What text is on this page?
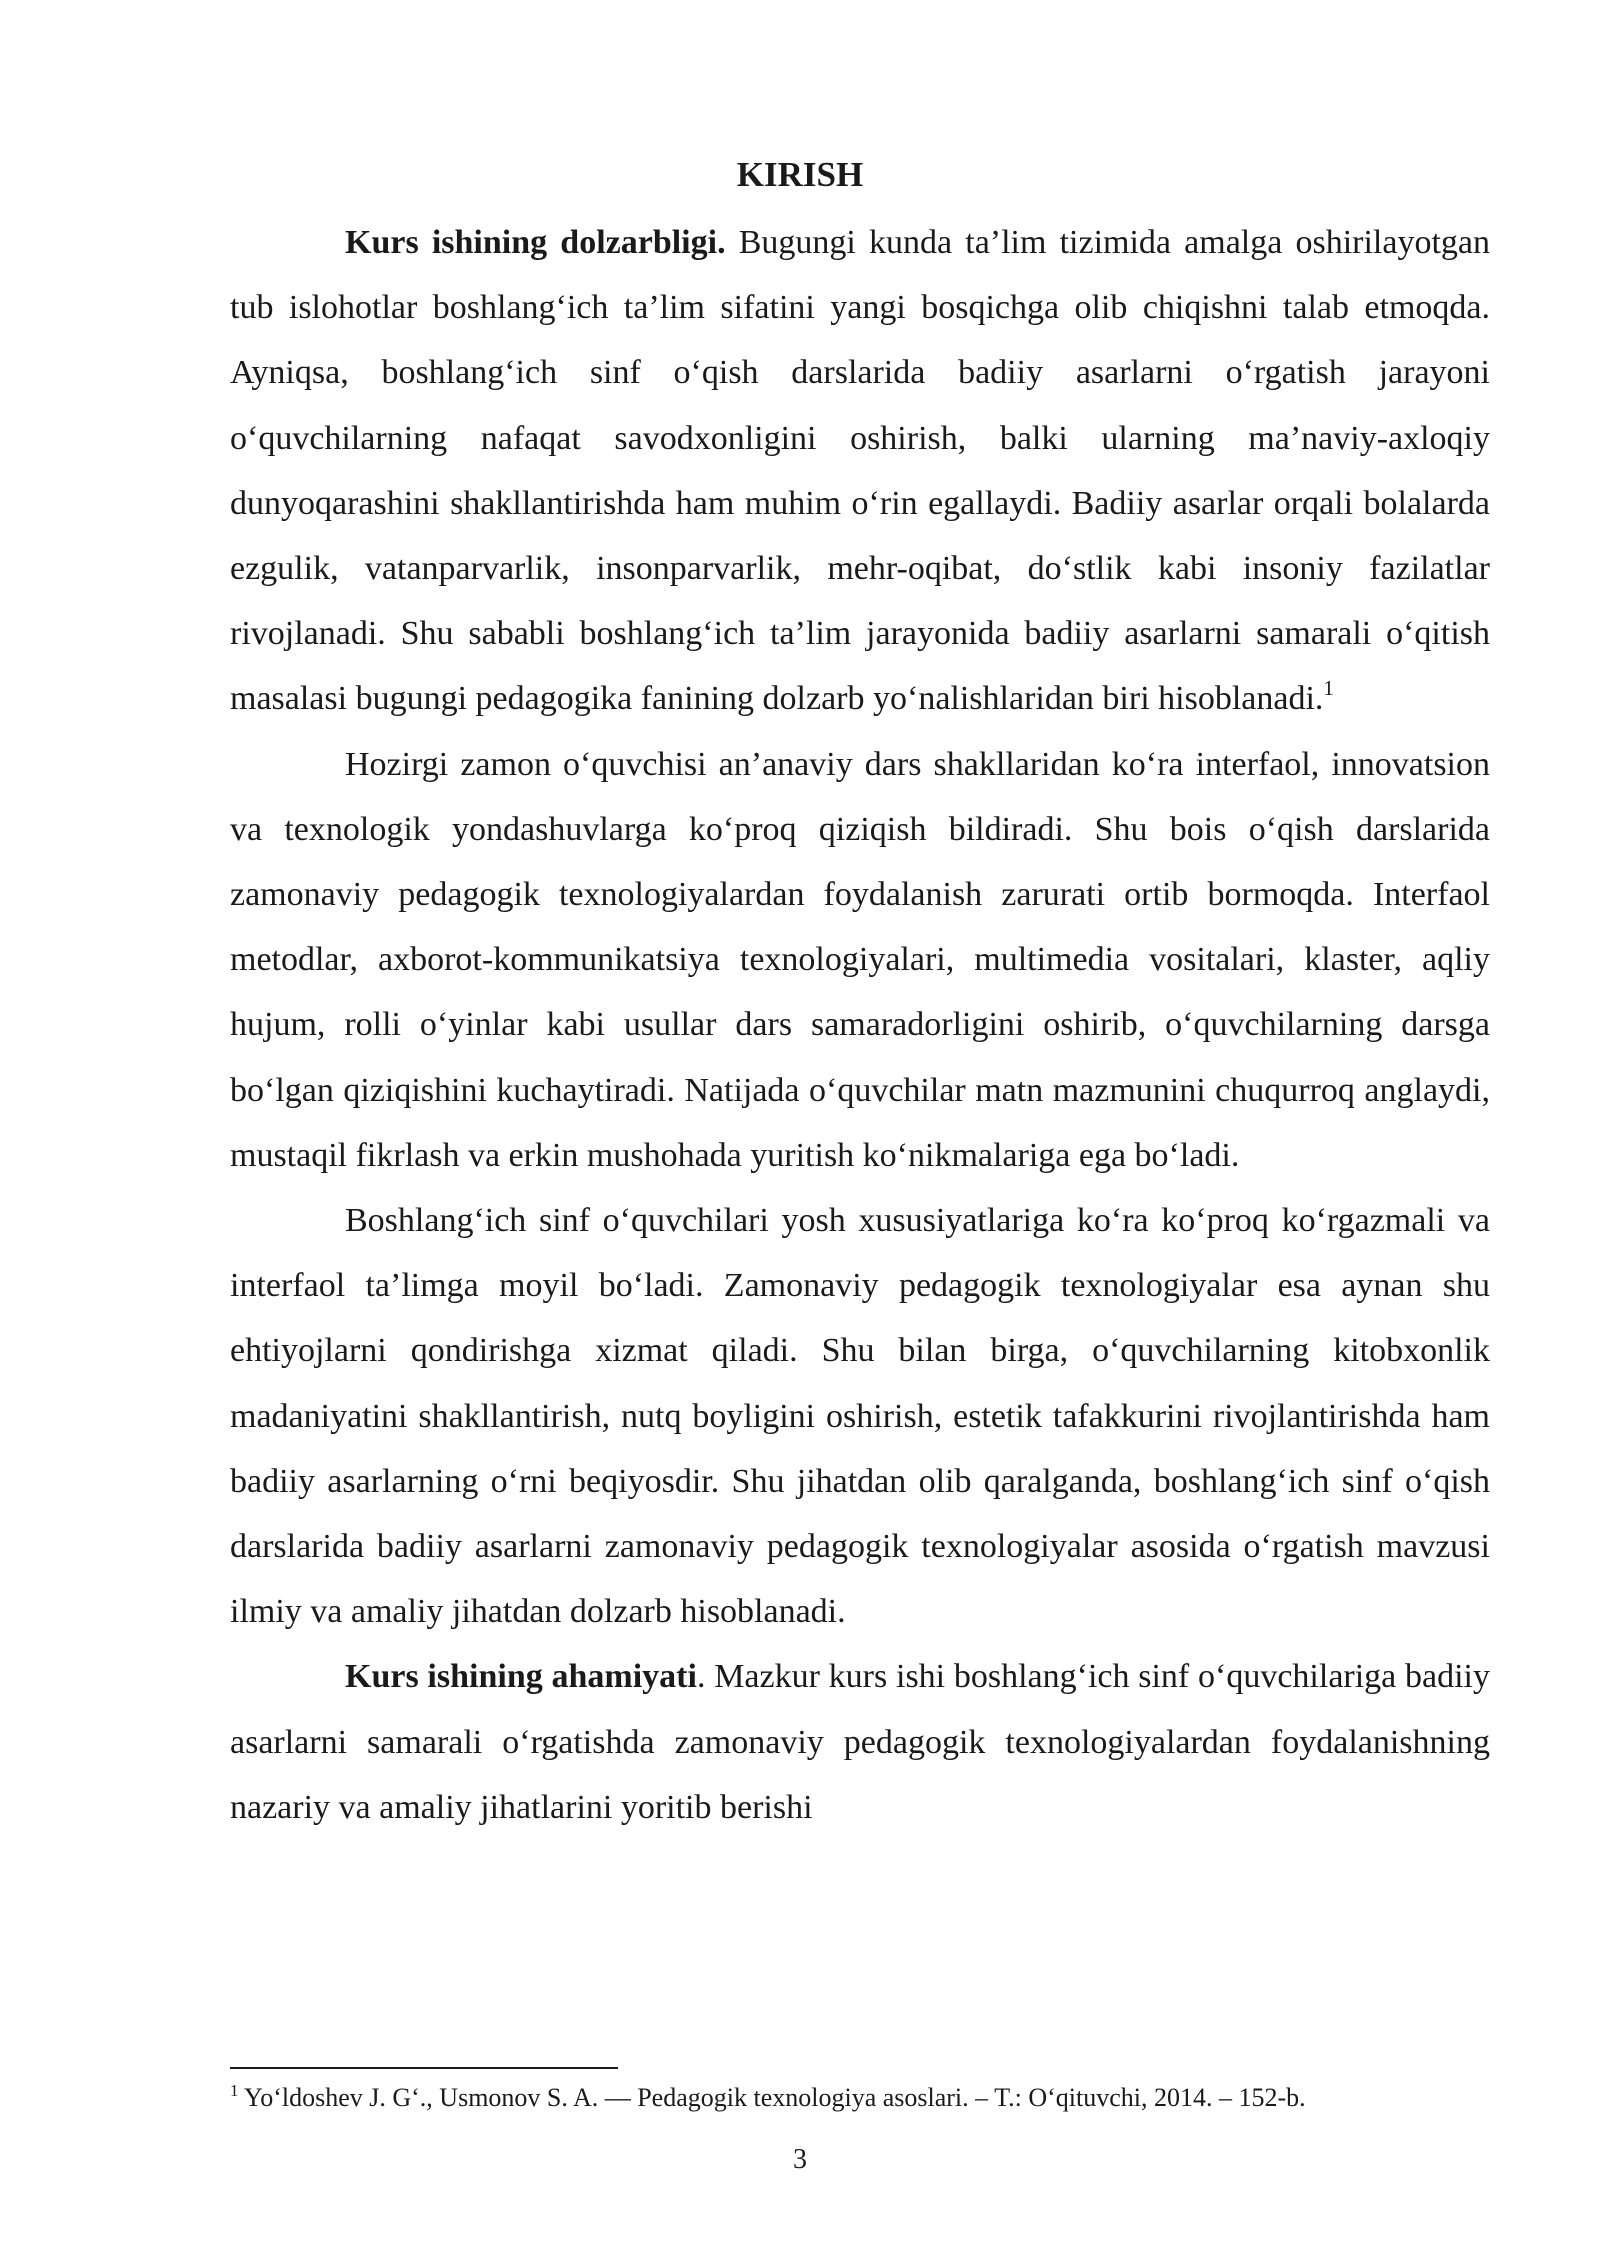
KIRISH

Kurs ishining dolzarbligi. Bugungi kunda ta’lim tizimida amalga oshirilayotgan tub islohotlar boshlang‘ich ta’lim sifatini yangi bosqichga olib chiqishni talab etmoqda. Ayniqsa, boshlang‘ich sinf o‘qish darslarida badiiy asarlarni o‘rgatish jarayoni o‘quvchilarning nafaqat savodxonligini oshirish, balki ularning ma’naviy-axloqiy dunyoqarashini shakllantirishda ham muhim o‘rin egallaydi. Badiiy asarlar orqali bolalarda ezgulik, vatanparvarlik, insonparvarlik, mehr-oqibat, do‘stlik kabi insoniy fazilatlar rivojlanadi. Shu sababli boshlang‘ich ta’lim jarayonida badiiy asarlarni samarali o‘qitish masalasi bugungi pedagogika fanining dolzarb yo‘nalishlaridan biri hisoblanadi.$^1$

Hozirgi zamon o‘quvchisi an’anaviy dars shakllaridan ko‘ra interfaol, innovatsion va texnologik yondashuvlarga ko‘proq qiziqish bildiradi. Shu bois o‘qish darslarida zamonaviy pedagogik texnologiyalardan foydalanish zarurati ortib bormoqda. Interfaol metodlar, axborot-kommunikatsiya texnologiyalari, multimedia vositalari, klaster, aqliy hujum, rolli o‘yinlar kabi usullar dars samaradorligini oshirib, o‘quvchilarning darsga bo‘lgan qiziqishini kuchaytiradi. Natijada o‘quvchilar matn mazmunini chuqurroq anglaydi, mustaqil fikrlash va erkin mushohada yuritish ko‘nikmalariga ega bo‘ladi.

Boshlang‘ich sinf o‘quvchilari yosh xususiyatlariga ko‘ra ko‘proq ko‘rgazmali va interfaol ta’limga moyil bo‘ladi. Zamonaviy pedagogik texnologiyalar esa aynan shu ehtiyojlarni qondirishga xizmat qiladi. Shu bilan birga, o‘quvchilarning kitobxonlik madaniyatini shakllantirish, nutq boyligini oshirish, estetik tafakkurini rivojlantirishda ham badiiy asarlarning o‘rni beqiyosdir. Shu jihatdan olib qaralganda, boshlang‘ich sinf o‘qish darslarida badiiy asarlarni zamonaviy pedagogik texnologiyalar asosida o‘rgatish mavzusi ilmiy va amaliy jihatdan dolzarb hisoblanadi.

Kurs ishining ahamiyati. Mazkur kurs ishi boshlang‘ich sinf o‘quvchilariga badiiy asarlarni samarali o‘rgatishda zamonaviy pedagogik texnologiyalardan foydalanishning nazariy va amaliy jihatlarini yoritib berishi

$^1$ Yo‘ldoshev J. G‘., Usmonov S. A. — Pedagogik texnologiya asoslari. – T.: O‘qituvchi, 2014. – 152-b.

3
